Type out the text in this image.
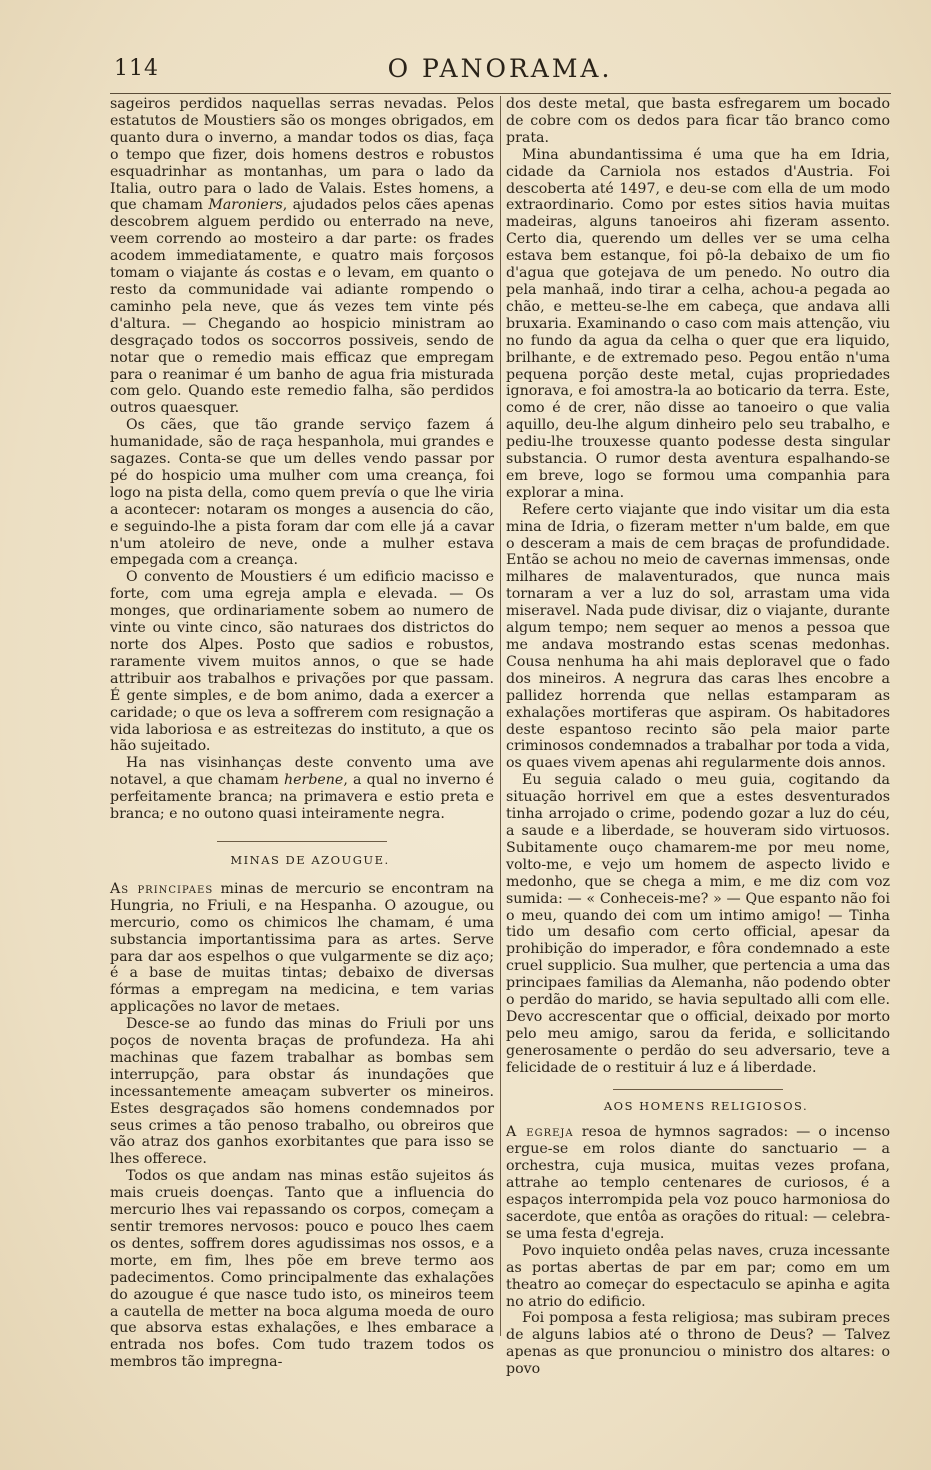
114	O PANORAMA.

sageiros perdidos naquellas serras nevadas. Pelos estatutos de Moustiers são os monges obrigados, em quanto dura o inverno, a mandar todos os dias, faça o tempo que fizer, dois homens destros e robustos esquadrinhar as montanhas, um para o lado da Italia, outro para o lado de Valais. Estes homens, a que chamam Maroniers, ajudados pelos cães apenas descobrem alguem perdido ou enterrado na neve, veem correndo ao mosteiro a dar parte: os frades acodem immediatamente, e quatro mais forçosos tomam o viajante ás costas e o levam, em quanto o resto da communidade vai adiante rompendo o caminho pela neve, que ás vezes tem vinte pés d'altura. — Chegando ao hospicio ministram ao desgraçado todos os soccorros possiveis, sendo de notar que o remedio mais efficaz que empregam para o reanimar é um banho de agua fria misturada com gelo. Quando este remedio falha, são perdidos outros quaesquer.

Os cães, que tão grande serviço fazem á humanidade, são de raça hespanhola, mui grandes e sagazes. Conta-se que um delles vendo passar por pé do hospicio uma mulher com uma creança, foi logo na pista della, como quem prevía o que lhe viria a acontecer: notaram os monges a ausencia do cão, e seguindo-lhe a pista foram dar com elle já a cavar n'um atoleiro de neve, onde a mulher estava empegada com a creança.

O convento de Moustiers é um edificio macisso e forte, com uma egreja ampla e elevada. — Os monges, que ordinariamente sobem ao numero de vinte ou vinte cinco, são naturaes dos districtos do norte dos Alpes. Posto que sadios e robustos, raramente vivem muitos annos, o que se hade attribuir aos trabalhos e privações por que passam. É gente simples, e de bom animo, dada a exercer a caridade; o que os leva a soffrerem com resignação a vida laboriosa e as estreitezas do instituto, a que os hão sujeitado.

Ha nas visinhanças deste convento uma ave notavel, a que chamam herbene, a qual no inverno é perfeitamente branca; na primavera e estio preta e branca; e no outono quasi inteiramente negra.

MINAS DE AZOUGUE.

As principaes minas de mercurio se encontram na Hungria, no Friuli, e na Hespanha. O azougue, ou mercurio, como os chimicos lhe chamam, é uma substancia importantissima para as artes. Serve para dar aos espelhos o que vulgarmente se diz aço; é a base de muitas tintas; debaixo de diversas fórmas a empregam na medicina, e tem varias applicações no lavor de metaes.

Desce-se ao fundo das minas do Friuli por uns poços de noventa braças de profundeza. Ha ahi machinas que fazem trabalhar as bombas sem interrupção, para obstar ás inundações que incessantemente ameaçam subverter os mineiros. Estes desgraçados são homens condemnados por seus crimes a tão penoso trabalho, ou obreiros que vão atraz dos ganhos exorbitantes que para isso se lhes offerece.

Todos os que andam nas minas estão sujeitos ás mais crueis doenças. Tanto que a influencia do mercurio lhes vai repassando os corpos, começam a sentir tremores nervosos: pouco e pouco lhes caem os dentes, soffrem dores agudissimas nos ossos, e a morte, em fim, lhes põe em breve termo aos padecimentos. Como principalmente das exhalações do azougue é que nasce tudo isto, os mineiros teem a cautella de metter na boca alguma moeda de ouro que absorva estas exhalações, e lhes embarace a entrada nos bofes. Com tudo trazem todos os membros tão impregna-

dos deste metal, que basta esfregarem um bocado de cobre com os dedos para ficar tão branco como prata.

Mina abundantissima é uma que ha em Idria, cidade da Carniola nos estados d'Austria. Foi descoberta até 1497, e deu-se com ella de um modo extraordinario. Como por estes sitios havia muitas madeiras, alguns tanoeiros ahi fizeram assento. Certo dia, querendo um delles ver se uma celha estava bem estanque, foi pô-la debaixo de um fio d'agua que gotejava de um penedo. No outro dia pela manhaã, indo tirar a celha, achou-a pegada ao chão, e metteu-se-lhe em cabeça, que andava alli bruxaria. Examinando o caso com mais attenção, viu no fundo da agua da celha o quer que era liquido, brilhante, e de extremado peso. Pegou então n'uma pequena porção deste metal, cujas propriedades ignorava, e foi amostra-la ao boticario da terra. Este, como é de crer, não disse ao tanoeiro o que valia aquillo, deu-lhe algum dinheiro pelo seu trabalho, e pediu-lhe trouxesse quanto podesse desta singular substancia. O rumor desta aventura espalhando-se em breve, logo se formou uma companhia para explorar a mina.

Refere certo viajante que indo visitar um dia esta mina de Idria, o fizeram metter n'um balde, em que o desceram a mais de cem braças de profundidade. Então se achou no meio de cavernas immensas, onde milhares de malaventurados, que nunca mais tornaram a ver a luz do sol, arrastam uma vida miseravel. Nada pude divisar, diz o viajante, durante algum tempo; nem sequer ao menos a pessoa que me andava mostrando estas scenas medonhas. Cousa nenhuma ha ahi mais deploravel que o fado dos mineiros. A negrura das caras lhes encobre a pallidez horrenda que nellas estamparam as exhalações mortiferas que aspiram. Os habitadores deste espantoso recinto são pela maior parte criminosos condemnados a trabalhar por toda a vida, os quaes vivem apenas ahi regularmente dois annos.

Eu seguia calado o meu guia, cogitando da situação horrivel em que a estes desventurados tinha arrojado o crime, podendo gozar a luz do céu, a saude e a liberdade, se houveram sido virtuosos. Subitamente ouço chamarem-me por meu nome, volto-me, e vejo um homem de aspecto livido e medonho, que se chega a mim, e me diz com voz sumida: — « Conheceis-me? » — Que espanto não foi o meu, quando dei com um intimo amigo! — Tinha tido um desafio com certo official, apesar da prohibição do imperador, e fôra condemnado a este cruel supplicio. Sua mulher, que pertencia a uma das principaes familias da Alemanha, não podendo obter o perdão do marido, se havia sepultado alli com elle. Devo accrescentar que o official, deixado por morto pelo meu amigo, sarou da ferida, e sollicitando generosamente o perdão do seu adversario, teve a felicidade de o restituir á luz e á liberdade.

AOS HOMENS RELIGIOSOS.

A egreja resoa de hymnos sagrados: — o incenso ergue-se em rolos diante do sanctuario — a orchestra, cuja musica, muitas vezes profana, attrahe ao templo centenares de curiosos, é a espaços interrompida pela voz pouco harmoniosa do sacerdote, que entôa as orações do ritual: — celebra-se uma festa d'egreja.

Povo inquieto ondêa pelas naves, cruza incessante as portas abertas de par em par; como em um theatro ao começar do espectaculo se apinha e agita no atrio do edificio.

Foi pomposa a festa religiosa; mas subiram preces de alguns labios até o throno de Deus? — Talvez apenas as que pronunciou o ministro dos altares: o povo
